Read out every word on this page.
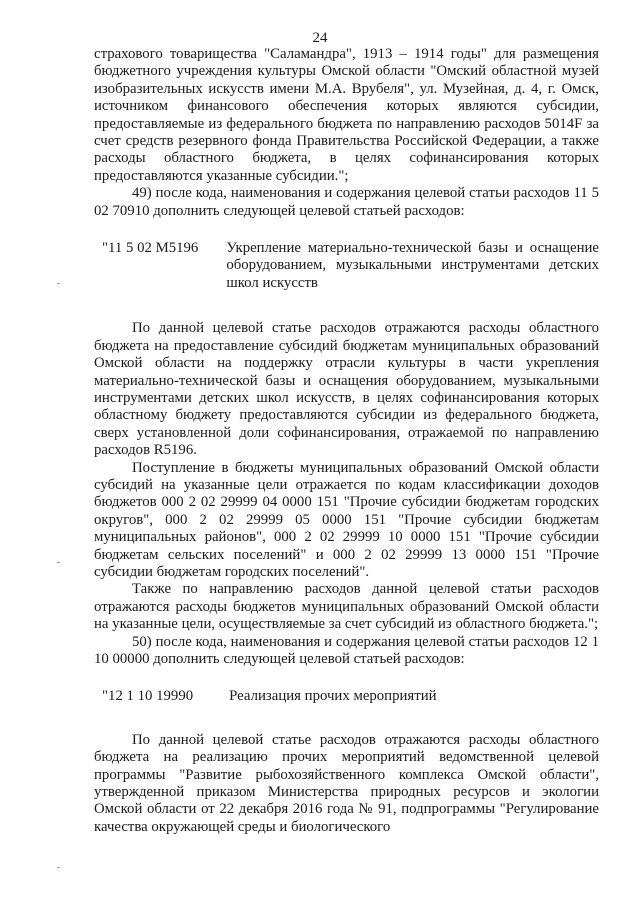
24

страхового товарищества "Саламандра", 1913 – 1914 годы" для размещения бюджетного учреждения культуры Омской области "Омский областной музей изобразительных искусств имени М.А. Врубеля", ул. Музейная, д. 4, г. Омск, источником финансового обеспечения которых являются субсидии, предоставляемые из федерального бюджета по направлению расходов 5014F за счет средств резервного фонда Правительства Российской Федерации, а также расходы областного бюджета, в целях софинансирования которых предоставляются указанные субсидии.";

49) после кода, наименования и содержания целевой статьи расходов 11 5 02 70910 дополнить следующей целевой статьей расходов:

"11 5 02 M5196 Укрепление материально-технической базы и оснащение оборудованием, музыкальными инструментами детских школ искусств

По данной целевой статье расходов отражаются расходы областного бюджета на предоставление субсидий бюджетам муниципальных образований Омской области на поддержку отрасли культуры в части укрепления материально-технической базы и оснащения оборудованием, музыкальными инструментами детских школ искусств, в целях софинансирования которых областному бюджету предоставляются субсидии из федерального бюджета, сверх установленной доли софинансирования, отражаемой по направлению расходов R5196.

Поступление в бюджеты муниципальных образований Омской области субсидий на указанные цели отражается по кодам классификации доходов бюджетов 000 2 02 29999 04 0000 151 "Прочие субсидии бюджетам городских округов", 000 2 02 29999 05 0000 151 "Прочие субсидии бюджетам муниципальных районов", 000 2 02 29999 10 0000 151 "Прочие субсидии бюджетам сельских поселений" и 000 2 02 29999 13 0000 151 "Прочие субсидии бюджетам городских поселений".

Также по направлению расходов данной целевой статьи расходов отражаются расходы бюджетов муниципальных образований Омской области на указанные цели, осуществляемые за счет субсидий из областного бюджета.";

50) после кода, наименования и содержания целевой статьи расходов 12 1 10 00000 дополнить следующей целевой статьей расходов:

"12 1 10 19990 Реализация прочих мероприятий

По данной целевой статье расходов отражаются расходы областного бюджета на реализацию прочих мероприятий ведомственной целевой программы "Развитие рыбохозяйственного комплекса Омской области", утвержденной приказом Министерства природных ресурсов и экологии Омской области от 22 декабря 2016 года № 91, подпрограммы "Регулирование качества окружающей среды и биологического
